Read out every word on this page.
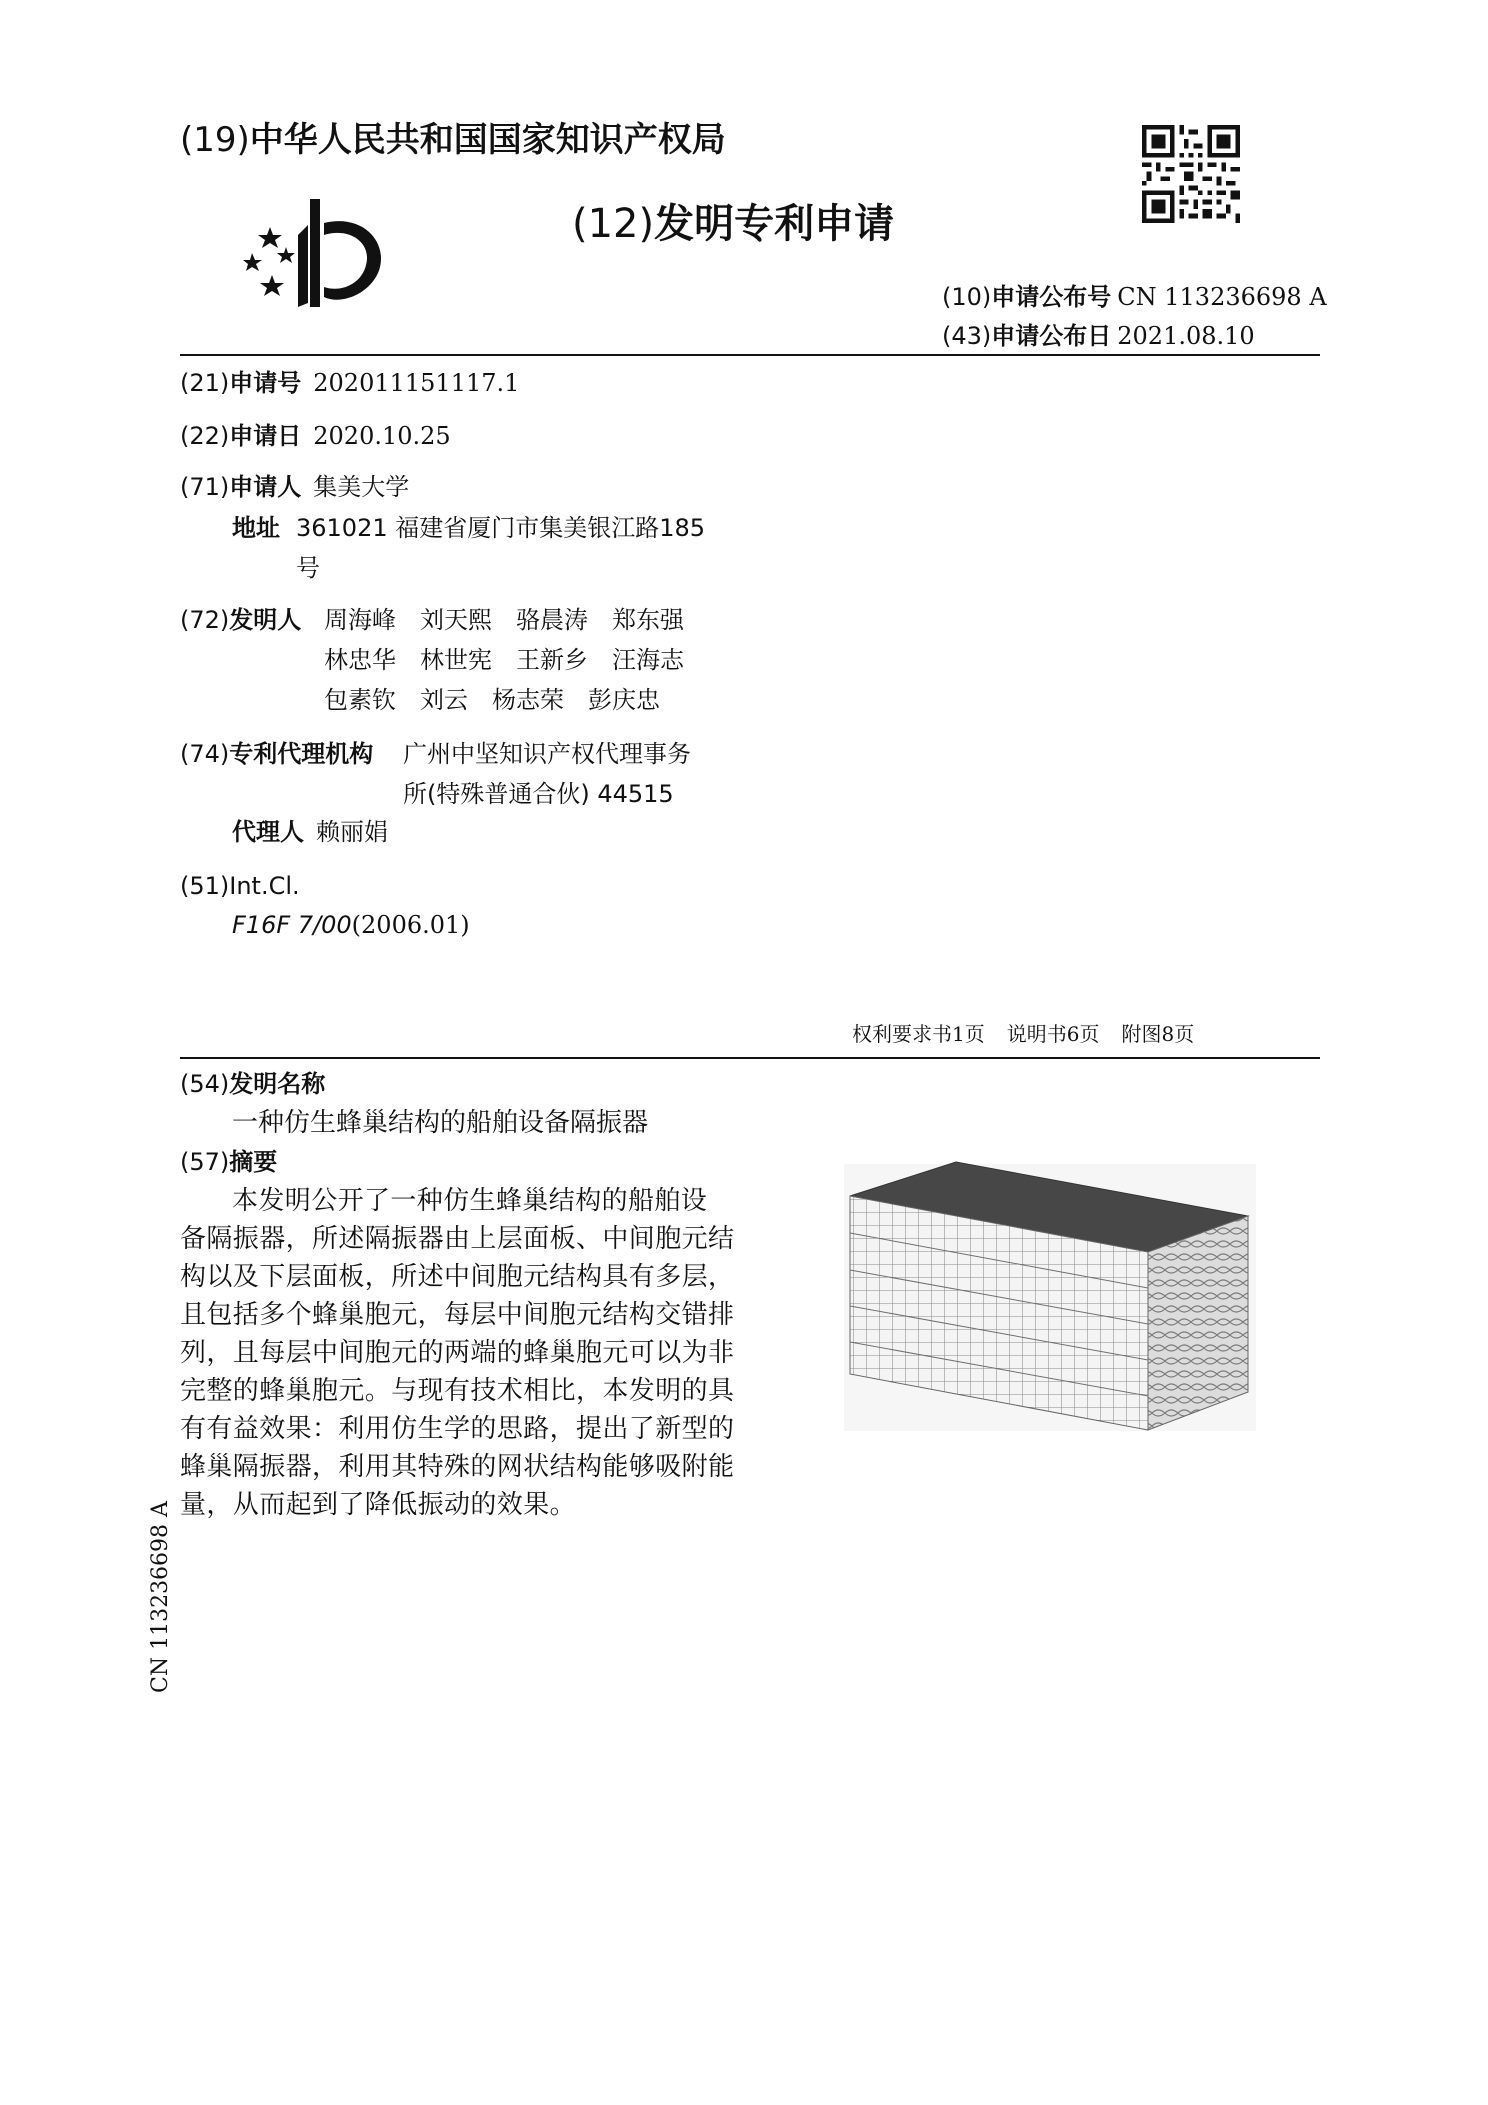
(19)中华人民共和国国家知识产权局
(12)发明专利申请
(10)申请公布号 CN 113236698 A
(43)申请公布日 2021.08.10
(21)申请号 202011151117.1
(22)申请日 2020.10.25
(71)申请人 集美大学
地址 361021 福建省厦门市集美银江路185
号
(72)发明人 周海峰　刘天熙　骆晨涛　郑东强
林忠华　林世宪　王新乡　汪海志
包素钦　刘云　杨志荣　彭庆忠
(74)专利代理机构 广州中坚知识产权代理事务
所(特殊普通合伙) 44515
代理人 赖丽娟
(51)Int.Cl.
F16F 7/00(2006.01)
权利要求书1页 说明书6页 附图8页
(54)发明名称
一种仿生蜂巢结构的船舶设备隔振器
(57)摘要
本发明公开了一种仿生蜂巢结构的船舶设
备隔振器，所述隔振器由上层面板、中间胞元结
构以及下层面板，所述中间胞元结构具有多层，
且包括多个蜂巢胞元，每层中间胞元结构交错排
列，且每层中间胞元的两端的蜂巢胞元可以为非
完整的蜂巢胞元。与现有技术相比，本发明的具
有有益效果：利用仿生学的思路，提出了新型的
蜂巢隔振器，利用其特殊的网状结构能够吸附能
量，从而起到了降低振动的效果。
CN 113236698 A
